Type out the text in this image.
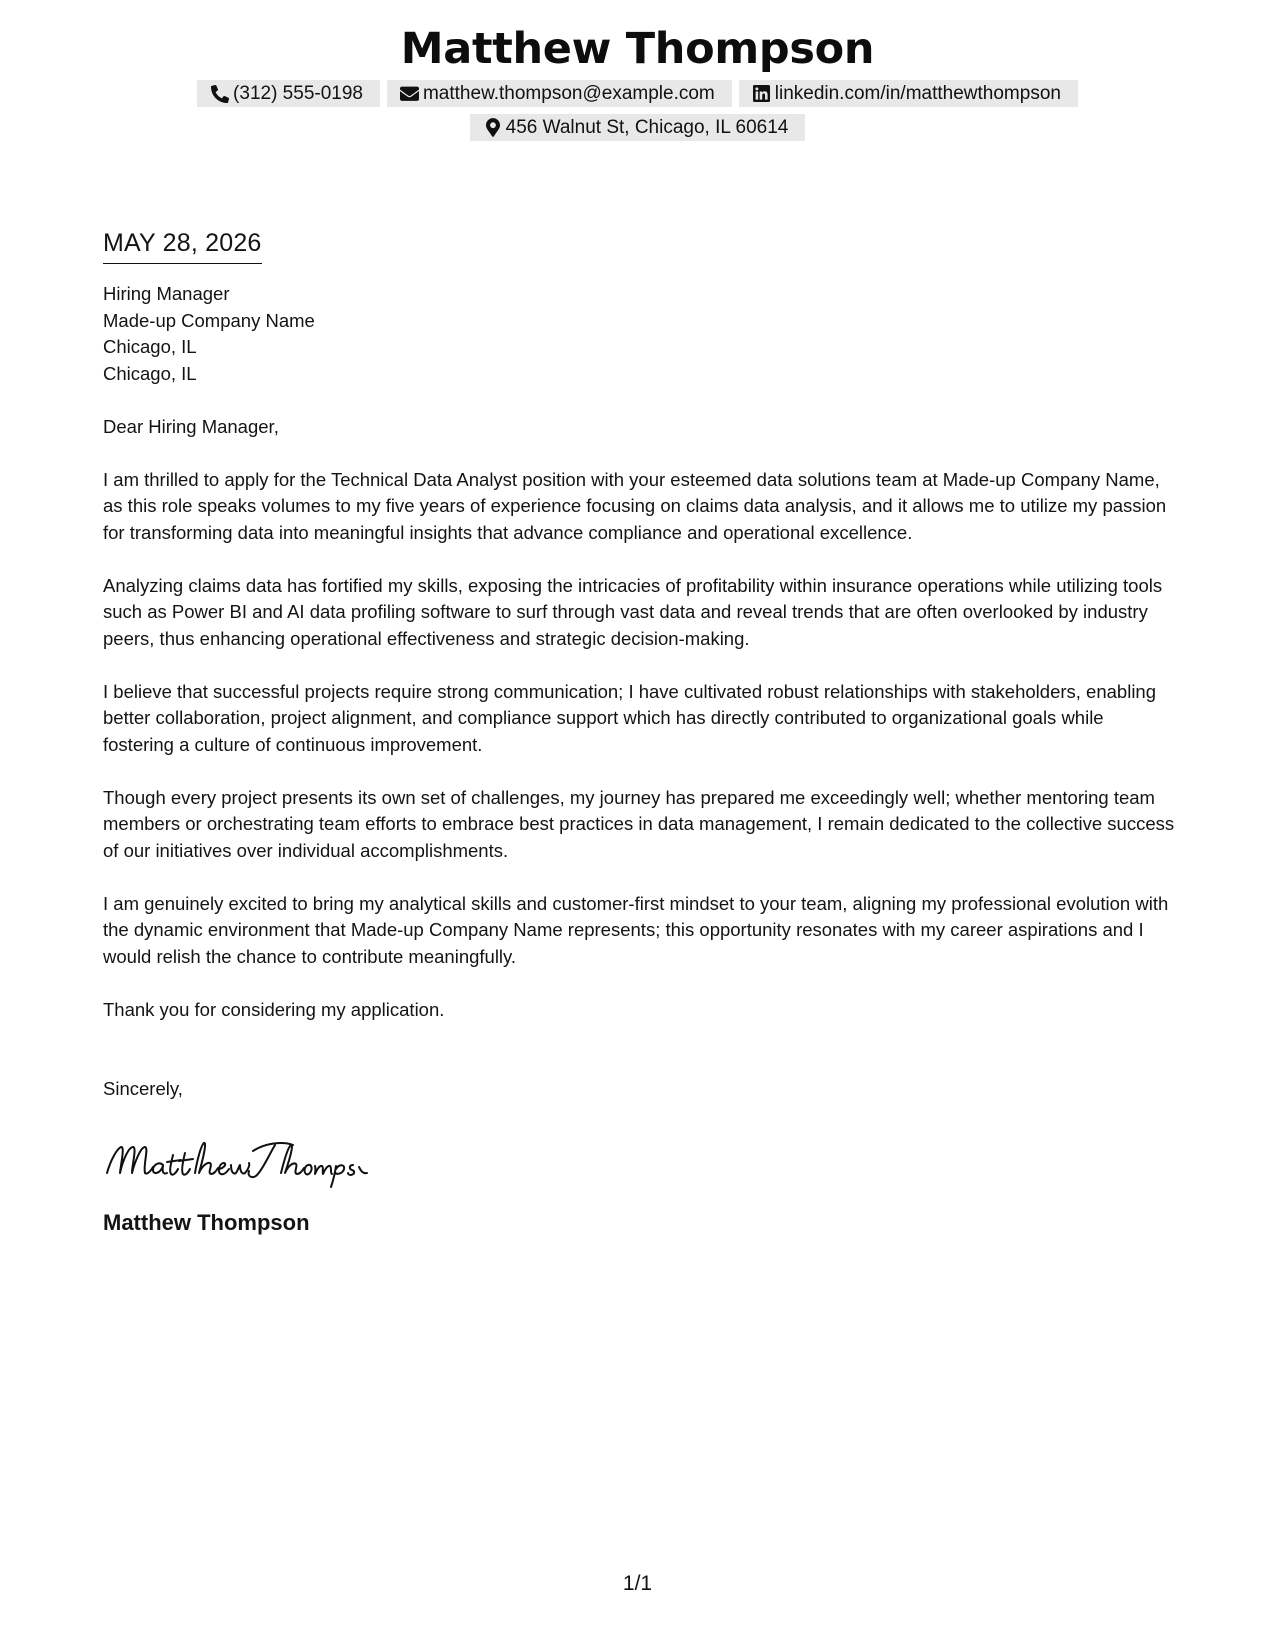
Matthew Thompson
(312) 555-0198	matthew.thompson@example.com	linkedin.com/in/matthewthompson
456 Walnut St, Chicago, IL 60614
MAY 28, 2026
Hiring Manager
Made-up Company Name
Chicago, IL
Chicago, IL

Dear Hiring Manager,

I am thrilled to apply for the Technical Data Analyst position with your esteemed data solutions team at Made-up Company Name, as this role speaks volumes to my five years of experience focusing on claims data analysis, and it allows me to utilize my passion for transforming data into meaningful insights that advance compliance and operational excellence.

Analyzing claims data has fortified my skills, exposing the intricacies of profitability within insurance operations while utilizing tools such as Power BI and AI data profiling software to surf through vast data and reveal trends that are often overlooked by industry peers, thus enhancing operational effectiveness and strategic decision-making.

I believe that successful projects require strong communication; I have cultivated robust relationships with stakeholders, enabling better collaboration, project alignment, and compliance support which has directly contributed to organizational goals while fostering a culture of continuous improvement.

Though every project presents its own set of challenges, my journey has prepared me exceedingly well; whether mentoring team members or orchestrating team efforts to embrace best practices in data management, I remain dedicated to the collective success of our initiatives over individual accomplishments.

I am genuinely excited to bring my analytical skills and customer-first mindset to your team, aligning my professional evolution with the dynamic environment that Made-up Company Name represents; this opportunity resonates with my career aspirations and I would relish the chance to contribute meaningfully.

Thank you for considering my application.

Sincerely,
Matthew Thompson
1/1
